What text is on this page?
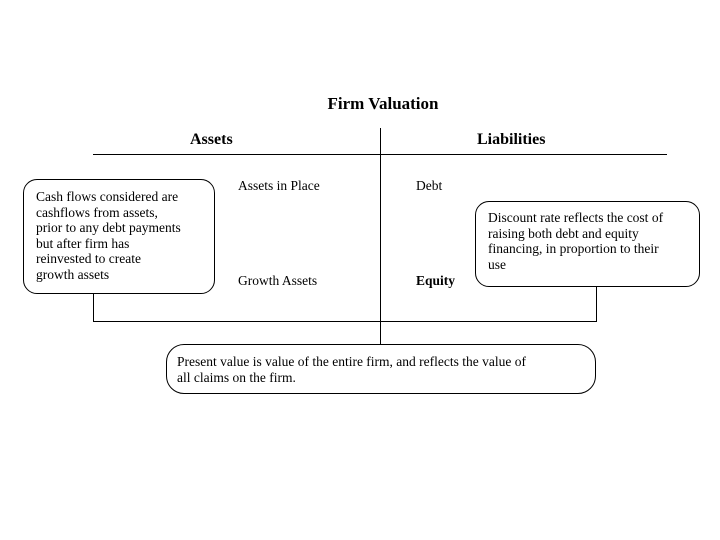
Firm Valuation
Assets	Liabilities
Assets in Place
Growth Assets
Debt
Equity
Cash flows considered are
cashflows from assets,
prior to any debt payments
but after firm has
reinvested to create
growth assets
Discount rate reflects the cost of
raising both debt and equity
financing, in proportion to their
use
Present value is value of the entire firm, and reflects the value of
all claims on the firm.
